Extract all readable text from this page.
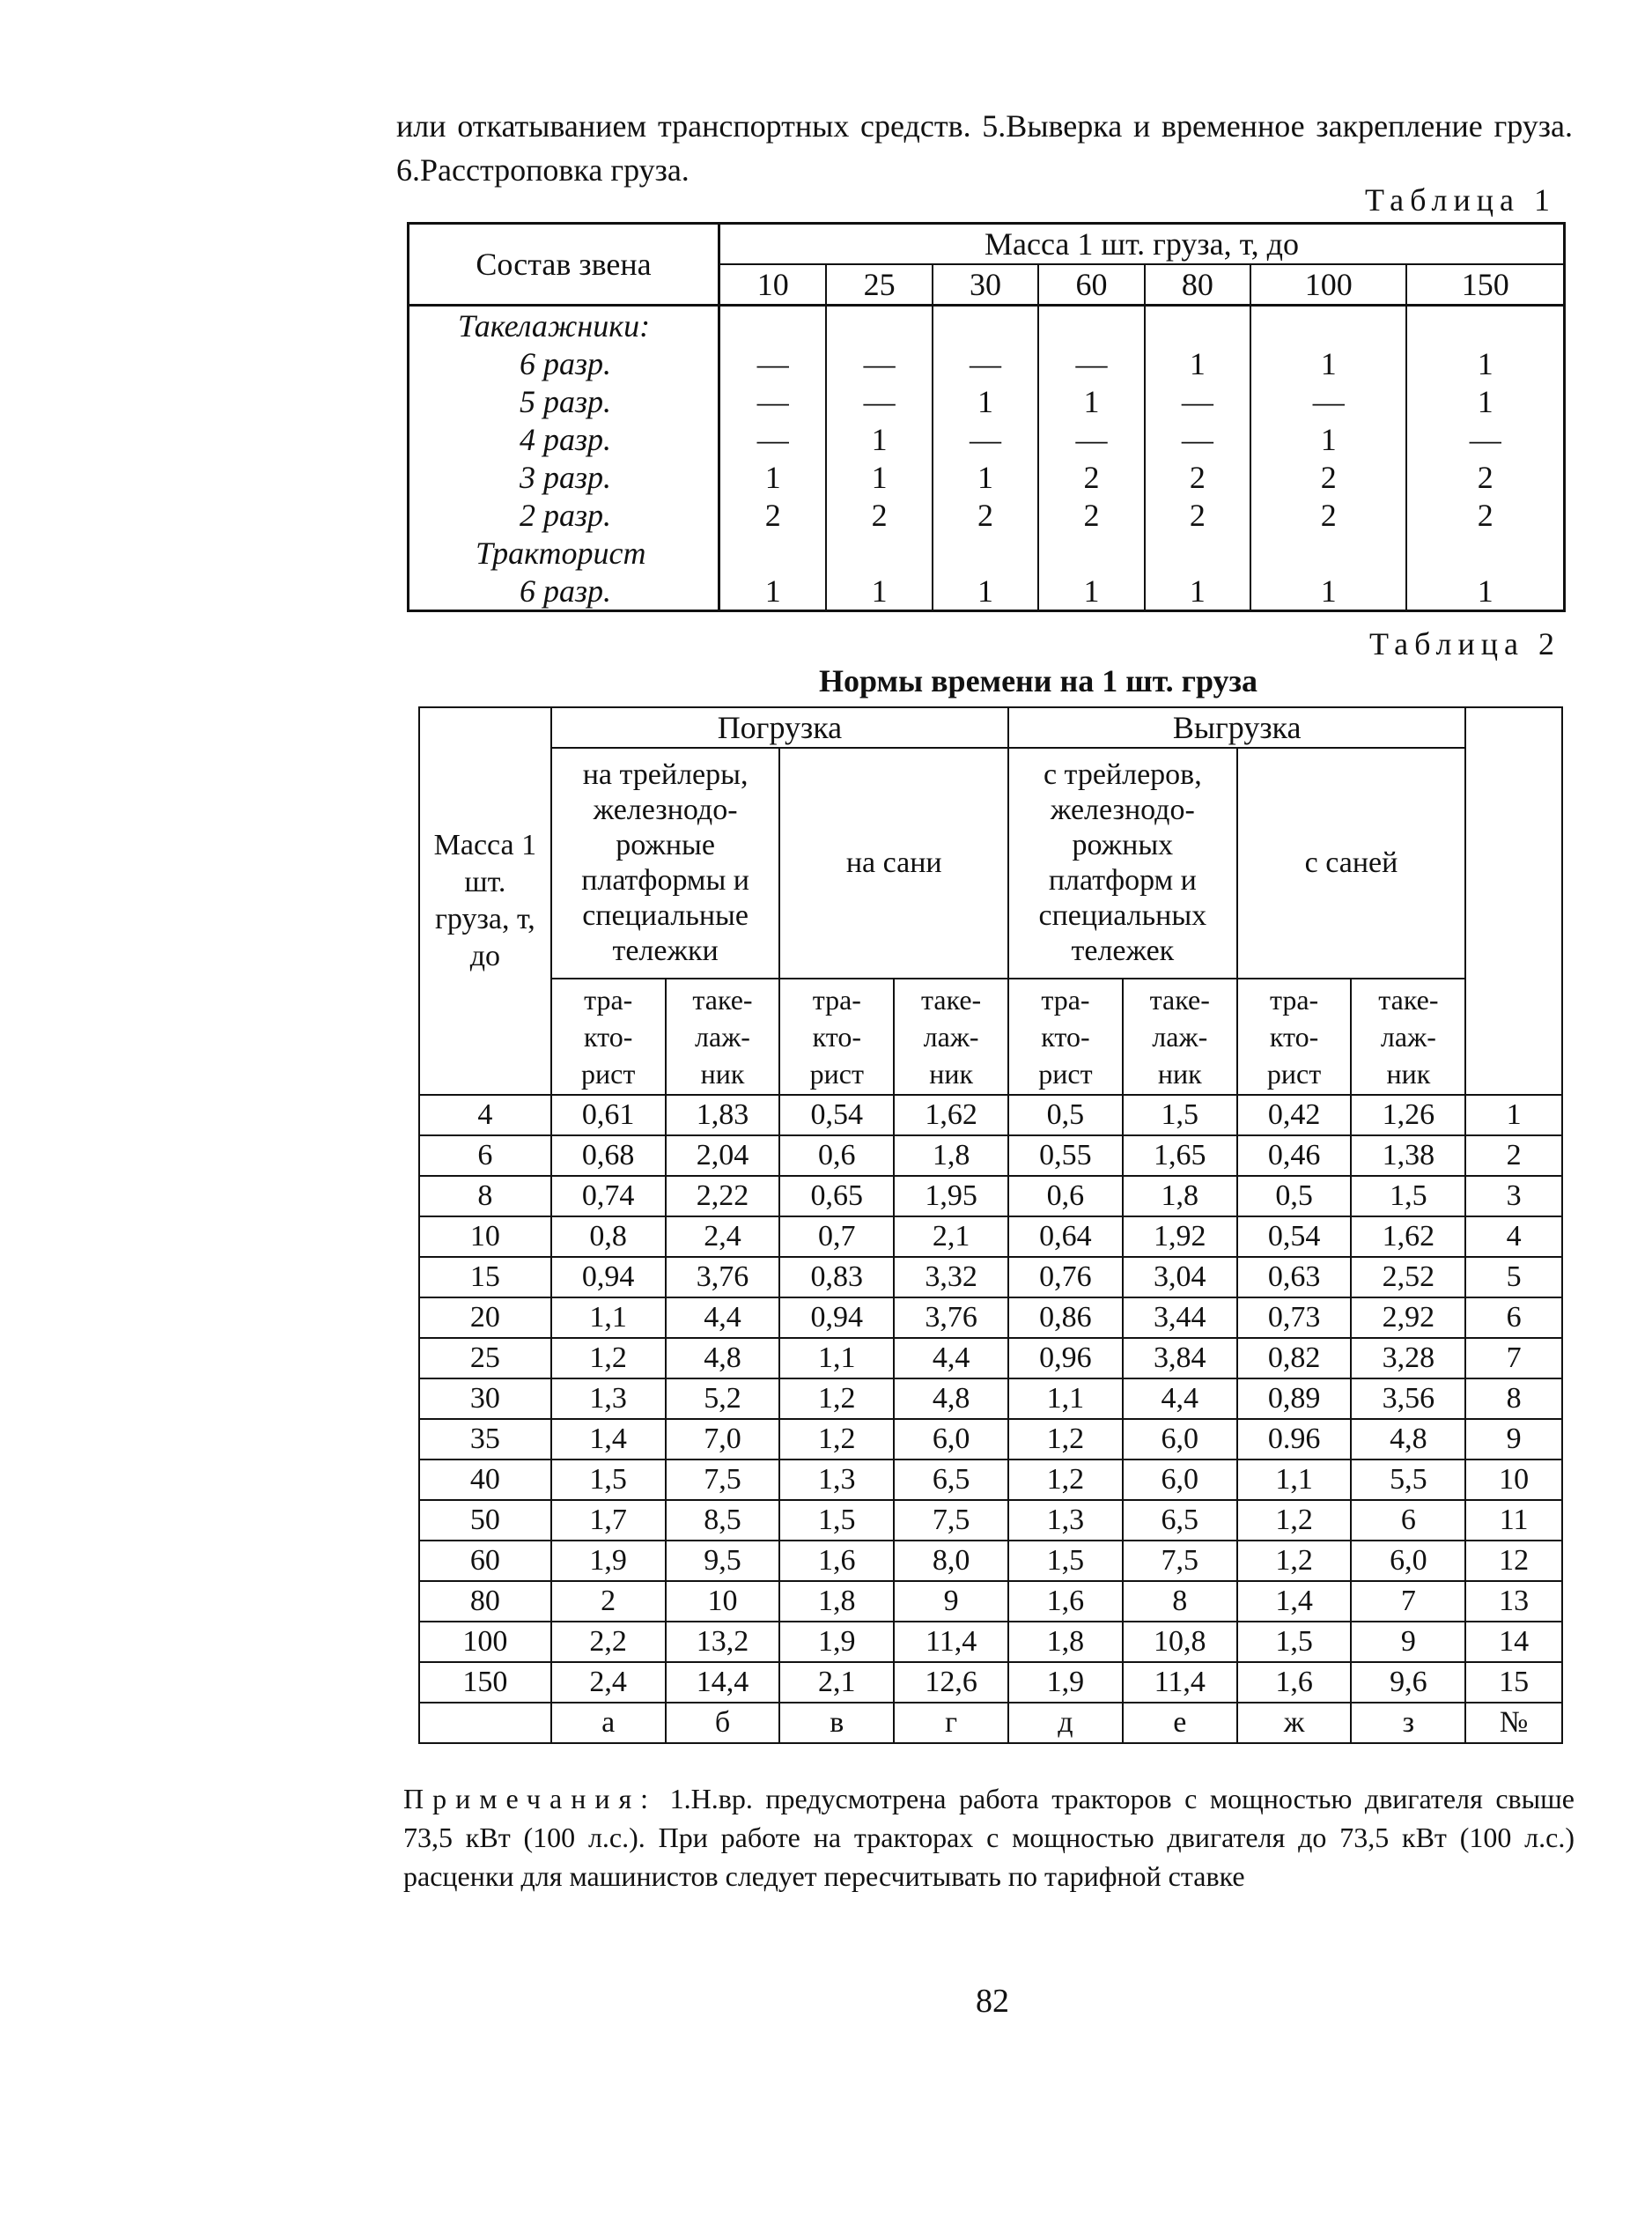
или откатыванием транспортных средств. 5.Выверка и временное закрепление груза. 6.Расстроповка груза.
Таблица 1
Состав звена	Масса 1 шт. груза, т, до						
	10	25	30	60	80	100	150
Такелажники:							
6 разр.	—	—	—	—	1	1	1
5 разр.	—	—	1	1	—	—	1
4 разр.	—	1	—	—	—	1	—
3 разр.	1	1	1	2	2	2	2
2 разр.	2	2	2	2	2	2	2
Тракторист							
6 разр.	1	1	1	1	1	1	1
Таблица 2
Нормы времени на 1 шт. груза
Масса 1 шт. груза, т, до	Погрузка				Выгрузка				
	на трейлеры, железнодо-рожные платформы и специальные тележки		на сани		с трейлеров, железнодо-рожных платформ и специальных тележек		с саней		
	тра-кто-рист	таке-лаж-ник	тра-кто-рист	таке-лаж-ник	тра-кто-рист	таке-лаж-ник	тра-кто-рист	таке-лаж-ник	
4	0,61	1,83	0,54	1,62	0,5	1,5	0,42	1,26	1
6	0,68	2,04	0,6	1,8	0,55	1,65	0,46	1,38	2
8	0,74	2,22	0,65	1,95	0,6	1,8	0,5	1,5	3
10	0,8	2,4	0,7	2,1	0,64	1,92	0,54	1,62	4
15	0,94	3,76	0,83	3,32	0,76	3,04	0,63	2,52	5
20	1,1	4,4	0,94	3,76	0,86	3,44	0,73	2,92	6
25	1,2	4,8	1,1	4,4	0,96	3,84	0,82	3,28	7
30	1,3	5,2	1,2	4,8	1,1	4,4	0,89	3,56	8
35	1,4	7,0	1,2	6,0	1,2	6,0	0.96	4,8	9
40	1,5	7,5	1,3	6,5	1,2	6,0	1,1	5,5	10
50	1,7	8,5	1,5	7,5	1,3	6,5	1,2	6	11
60	1,9	9,5	1,6	8,0	1,5	7,5	1,2	6,0	12
80	2	10	1,8	9	1,6	8	1,4	7	13
100	2,2	13,2	1,9	11,4	1,8	10,8	1,5	9	14
150	2,4	14,4	2,1	12,6	1,9	11,4	1,6	9,6	15
	а	б	в	г	д	е	ж	з	№
Примечания: 1.Н.вр. предусмотрена работа тракторов с мощностью двигателя свыше 73,5 кВт (100 л.с.). При работе на тракторах с мощностью двигателя до 73,5 кВт (100 л.с.) расценки для машинистов следует пересчитывать по тарифной ставке
82
